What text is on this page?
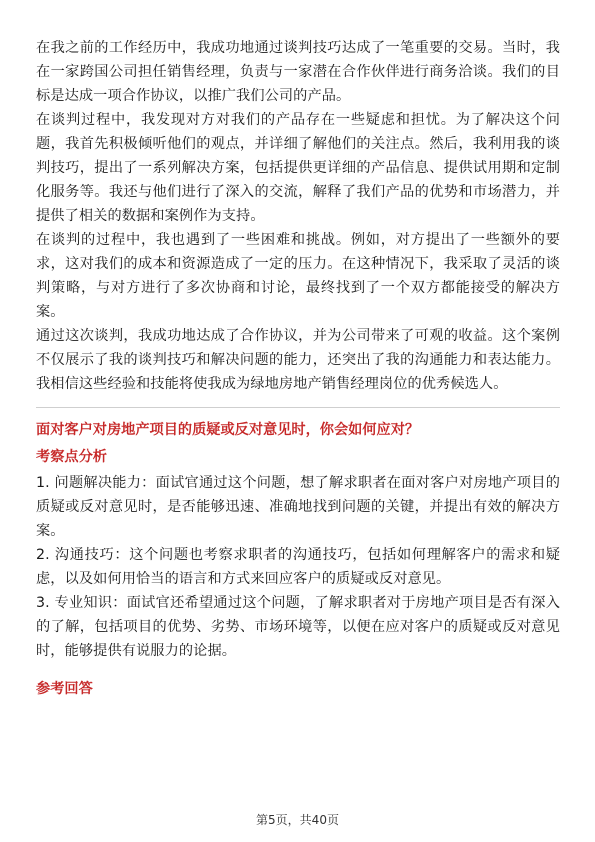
在我之前的工作经历中，我成功地通过谈判技巧达成了一笔重要的交易。当时，我在一家跨国公司担任销售经理，负责与一家潜在合作伙伴进行商务洽谈。我们的目标是达成一项合作协议，以推广我们公司的产品。

在谈判过程中，我发现对方对我们的产品存在一些疑虑和担忧。为了解决这个问题，我首先积极倾听他们的观点，并详细了解他们的关注点。然后，我利用我的谈判技巧，提出了一系列解决方案，包括提供更详细的产品信息、提供试用期和定制化服务等。我还与他们进行了深入的交流，解释了我们产品的优势和市场潜力，并提供了相关的数据和案例作为支持。

在谈判的过程中，我也遇到了一些困难和挑战。例如，对方提出了一些额外的要求，这对我们的成本和资源造成了一定的压力。在这种情况下，我采取了灵活的谈判策略，与对方进行了多次协商和讨论，最终找到了一个双方都能接受的解决方案。

通过这次谈判，我成功地达成了合作协议，并为公司带来了可观的收益。这个案例不仅展示了我的谈判技巧和解决问题的能力，还突出了我的沟通能力和表达能力。我相信这些经验和技能将使我成为绿地房地产销售经理岗位的优秀候选人。

面对客户对房地产项目的质疑或反对意见时，你会如何应对？

考察点分析

1. 问题解决能力：面试官通过这个问题，想了解求职者在面对客户对房地产项目的质疑或反对意见时，是否能够迅速、准确地找到问题的关键，并提出有效的解决方案。

2. 沟通技巧：这个问题也考察求职者的沟通技巧，包括如何理解客户的需求和疑虑，以及如何用恰当的语言和方式来回应客户的质疑或反对意见。

3. 专业知识：面试官还希望通过这个问题，了解求职者对于房地产项目是否有深入的了解，包括项目的优势、劣势、市场环境等，以便在应对客户的质疑或反对意见时，能够提供有说服力的论据。

参考回答

第5页，共40页
